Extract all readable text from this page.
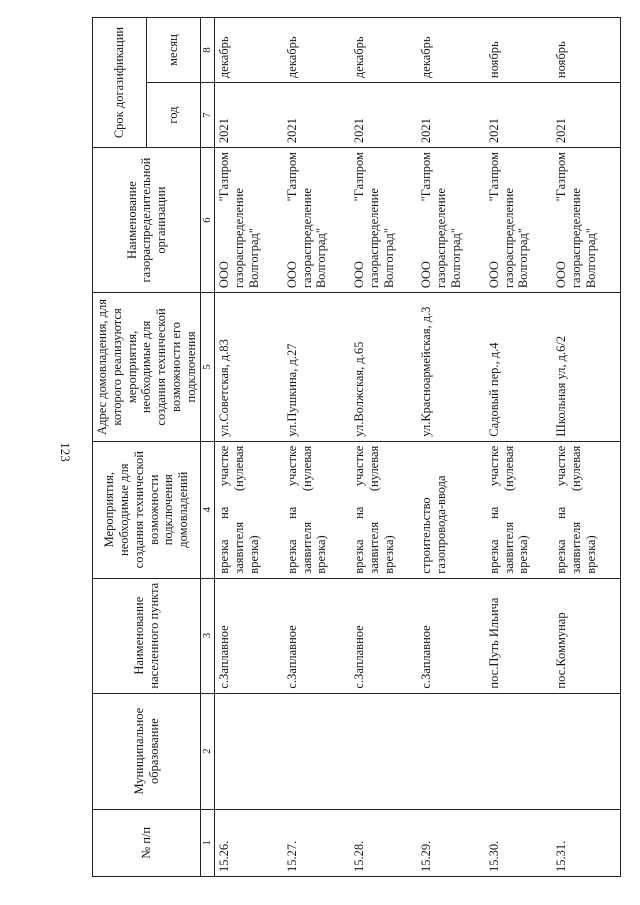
123
№ п/п	Муниципальное образование	Наименование населенного пункта	Мероприятия, необходимые для создания технической возможности подключения домовладений	Адрес домовладения, для которого реализуются мероприятия, необходимые для создания технической возможности его подключения	Наименование газораспределительной организации	Срок догазификации	
						год	месяц
1	2	3	4	5	6	7	8
15.26.		с.Заплавное	врезка на участке заявителя (нулевая врезка)	ул.Советская, д.83	ООО "Газпром газораспределение Волгоград"	2021	декабрь
15.27.		с.Заплавное	врезка на участке заявителя (нулевая врезка)	ул.Пушкина, д.27	ООО "Газпром газораспределение Волгоград"	2021	декабрь
15.28.		с.Заплавное	врезка на участке заявителя (нулевая врезка)	ул.Волжская, д.65	ООО "Газпром газораспределение Волгоград"	2021	декабрь
15.29.		с.Заплавное	строительство газопровода-ввода	ул.Красноармейская, д.3	ООО "Газпром газораспределение Волгоград"	2021	декабрь
15.30.		пос.Путь Ильича	врезка на участке заявителя (нулевая врезка)	Садовый пер., д.4	ООО "Газпром газораспределение Волгоград"	2021	ноябрь
15.31.		пос.Коммунар	врезка на участке заявителя (нулевая врезка)	Школьная ул, д.6/2	ООО "Газпром газораспределение Волгоград"	2021	ноябрь
